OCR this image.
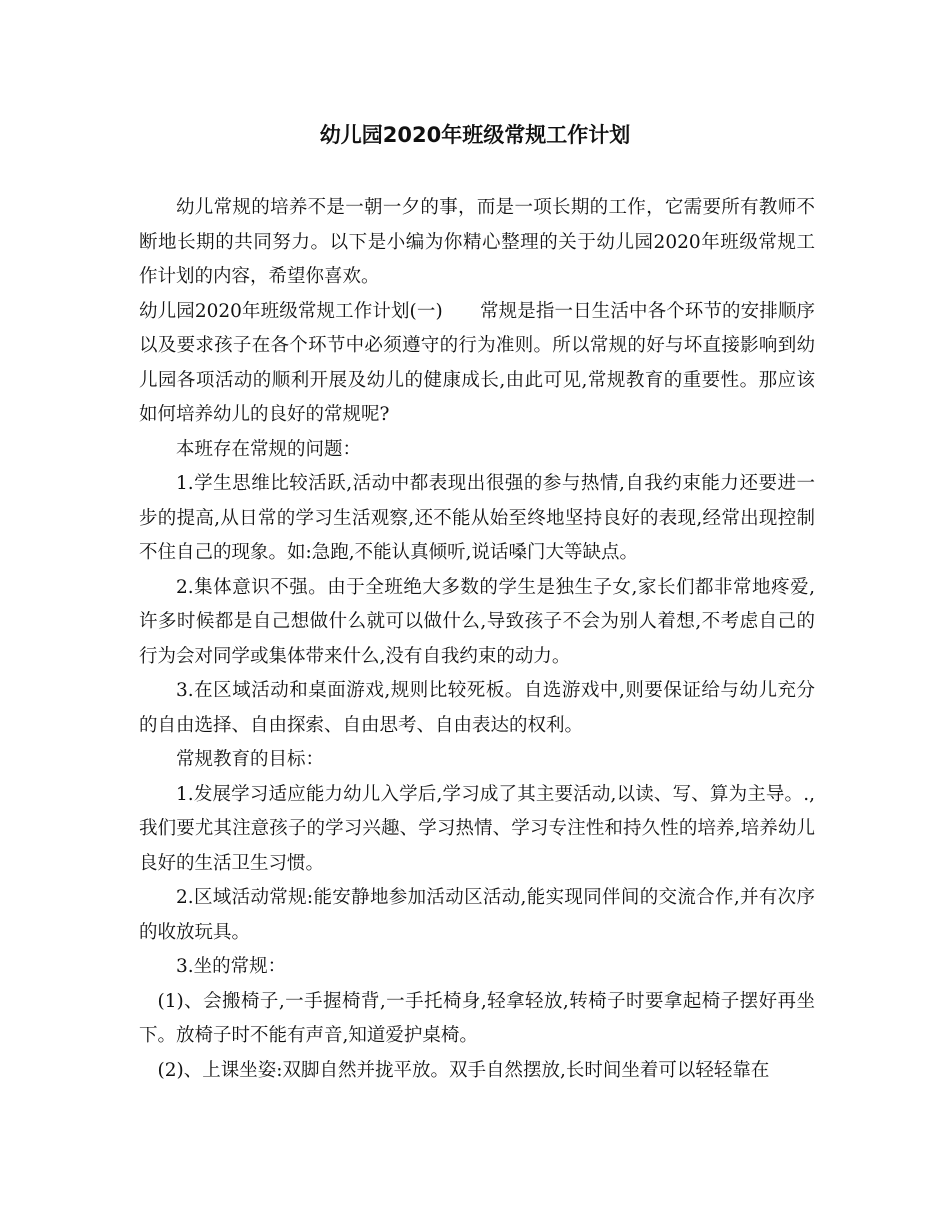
幼儿园2020年班级常规工作计划

幼儿常规的培养不是一朝一夕的事，而是一项长期的工作，它需要所有教师不断地长期的共同努力。以下是小编为你精心整理的关于幼儿园2020年班级常规工作计划的内容，希望你喜欢。

幼儿园2020年班级常规工作计划(一)　　常规是指一日生活中各个环节的安排顺序以及要求孩子在各个环节中必须遵守的行为准则。所以常规的好与坏直接影响到幼儿园各项活动的顺利开展及幼儿的健康成长,由此可见,常规教育的重要性。那应该如何培养幼儿的良好的常规呢?

本班存在常规的问题：

1.学生思维比较活跃,活动中都表现出很强的参与热情,自我约束能力还要进一步的提高,从日常的学习生活观察,还不能从始至终地坚持良好的表现,经常出现控制不住自己的现象。如:急跑,不能认真倾听,说话嗓门大等缺点。

2.集体意识不强。由于全班绝大多数的学生是独生子女,家长们都非常地疼爱,许多时候都是自己想做什么就可以做什么,导致孩子不会为别人着想,不考虑自己的行为会对同学或集体带来什么,没有自我约束的动力。

3.在区域活动和桌面游戏,规则比较死板。自选游戏中,则要保证给与幼儿充分的自由选择、自由探索、自由思考、自由表达的权利。

常规教育的目标：

1.发展学习适应能力幼儿入学后,学习成了其主要活动,以读、写、算为主导。.,我们要尤其注意孩子的学习兴趣、学习热情、学习专注性和持久性的培养,培养幼儿良好的生活卫生习惯。

2.区域活动常规:能安静地参加活动区活动,能实现同伴间的交流合作,并有次序的收放玩具。

3.坐的常规：

(1)、会搬椅子,一手握椅背,一手托椅身,轻拿轻放,转椅子时要拿起椅子摆好再坐下。放椅子时不能有声音,知道爱护桌椅。

(2)、上课坐姿:双脚自然并拢平放。双手自然摆放,长时间坐着可以轻轻靠在
